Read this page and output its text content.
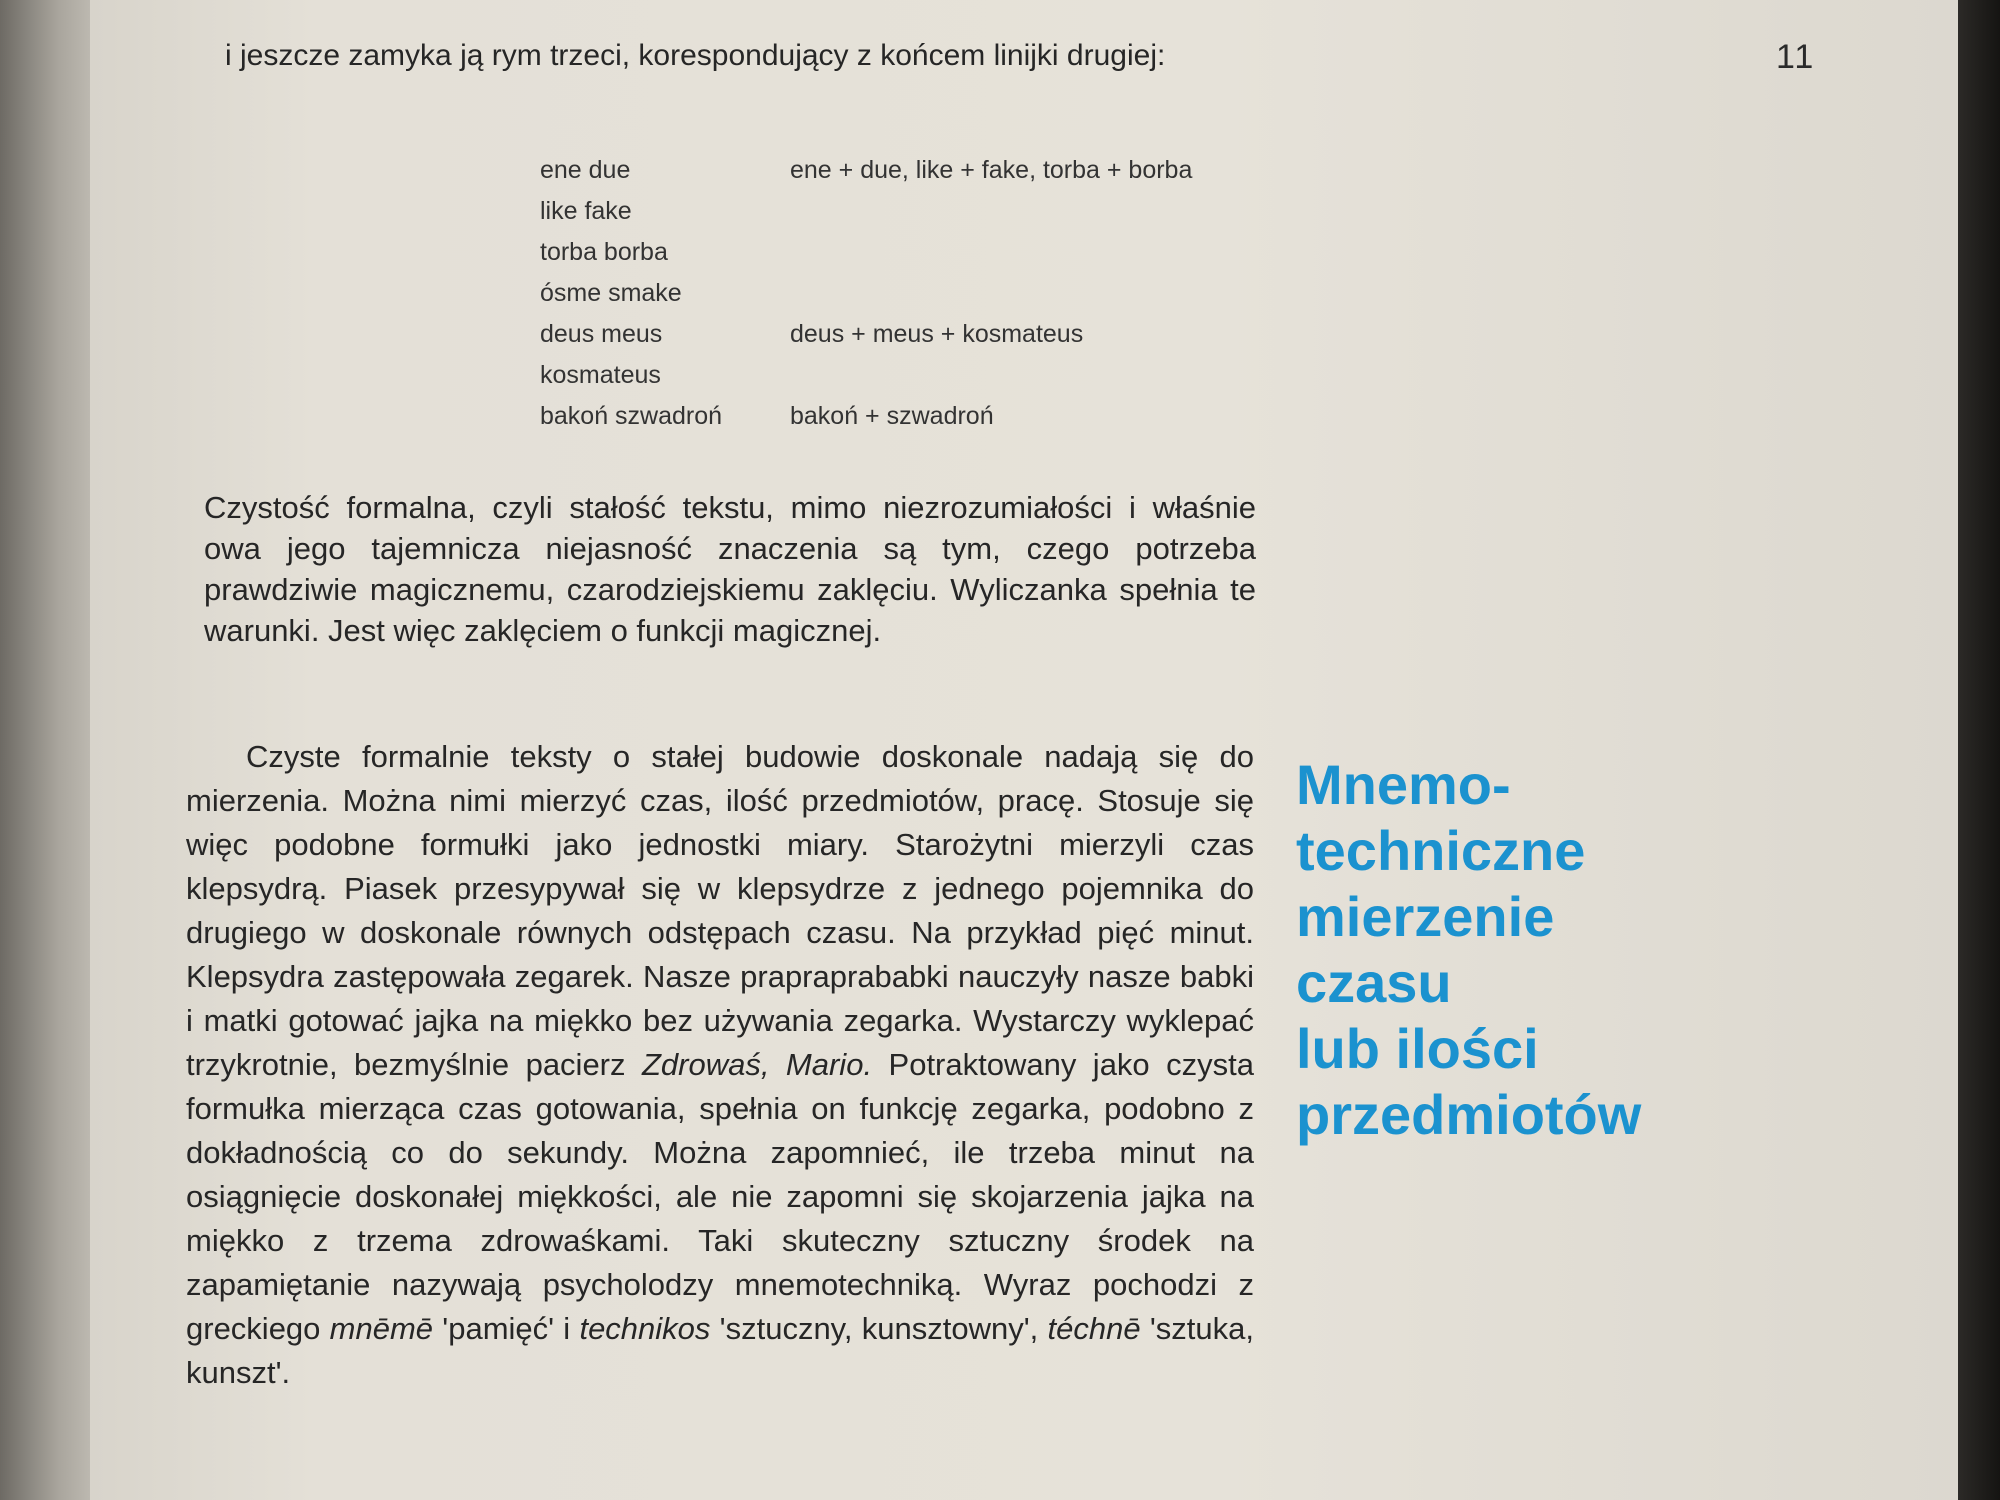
11
i jeszcze zamyka ją rym trzeci, korespondujący z końcem linijki drugiej:
ene due	ene + due, like + fake, torba + borba
like fake
torba borba
ósme smake
deus meus	deus + meus + kosmateus
kosmateus
bakoń szwadroń	bakoń + szwadroń
Czystość formalna, czyli stałość tekstu, mimo niezrozumiałości i właśnie owa jego tajemnicza niejasność znaczenia są tym, czego potrzeba prawdziwie magicznemu, czarodziejskiemu zaklęciu. Wyliczanka spełnia te warunki. Jest więc zaklęciem o funkcji magicznej.
Czyste formalnie teksty o stałej budowie doskonale nadają się do mierzenia. Można nimi mierzyć czas, ilość przedmiotów, pracę. Stosuje się więc podobne formułki jako jednostki miary. Starożytni mierzyli czas klepsydrą. Piasek przesypywał się w klepsydrze z jednego pojemnika do drugiego w doskonale równych odstępach czasu. Na przykład pięć minut. Klepsydra zastępowała zegarek. Nasze prapraprababki nauczyły nasze babki i matki gotować jajka na miękko bez używania zegarka. Wystarczy wyklepać trzykrotnie, bezmyślnie pacierz Zdrowaś, Mario. Potraktowany jako czysta formułka mierząca czas gotowania, spełnia on funkcję zegarka, podobno z dokładnością co do sekundy. Można zapomnieć, ile trzeba minut na osiągnięcie doskonałej miękkości, ale nie zapomni się skojarzenia jajka na miękko z trzema zdrowaśkami. Taki skuteczny sztuczny środek na zapamiętanie nazywają psycholodzy mnemotechniką. Wyraz pochodzi z greckiego mnēmē 'pamięć' i technikos 'sztuczny, kunsztowny', téchnē 'sztuka, kunszt'.
Mnemo-
techniczne
mierzenie
czasu
lub ilości
przedmiotów
